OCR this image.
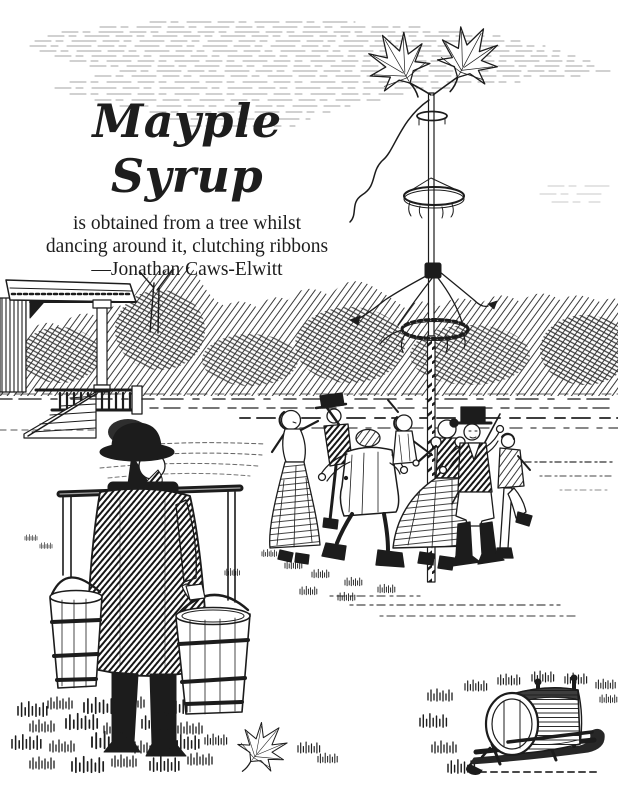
Mayple Syrup
is obtained from a tree whilst
dancing around it, clutching ribbons
—Jonathan Caws-Elwitt
